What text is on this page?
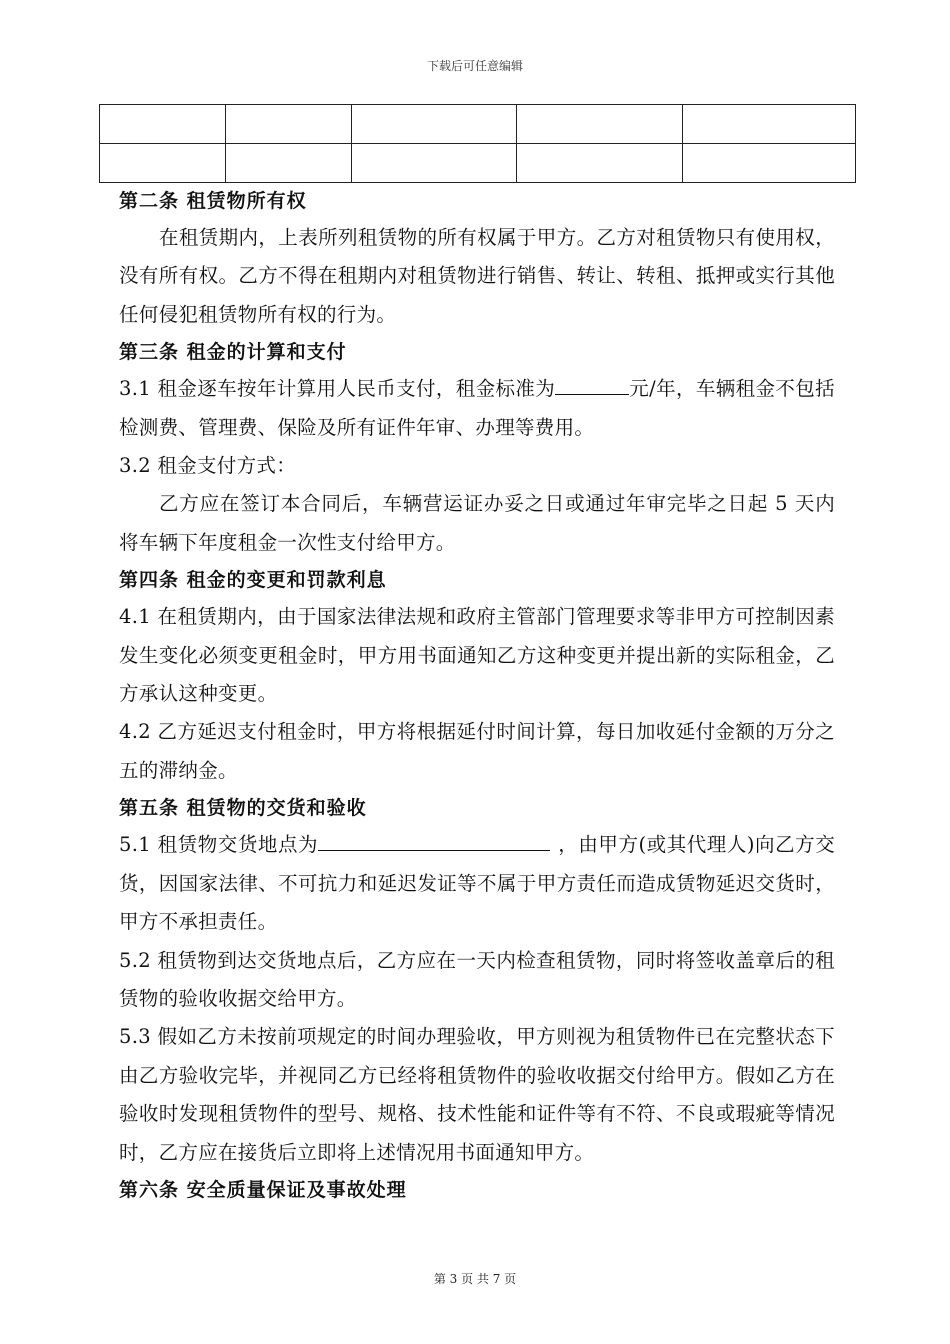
下载后可任意编辑

第二条 租赁物所有权
在租赁期内，上表所列租赁物的所有权属于甲方。乙方对租赁物只有使用权，没有所有权。乙方不得在租期内对租赁物进行销售、转让、转租、抵押或实行其他任何侵犯租赁物所有权的行为。
第三条 租金的计算和支付
3.1 租金逐车按年计算用人民币支付，租金标准为	元/年，车辆租金不包括检测费、管理费、保险及所有证件年审、办理等费用。
3.2 租金支付方式：
乙方应在签订本合同后，车辆营运证办妥之日或通过年审完毕之日起 5 天内将车辆下年度租金一次性支付给甲方。
第四条 租金的变更和罚款利息
4.1 在租赁期内，由于国家法律法规和政府主管部门管理要求等非甲方可控制因素发生变化必须变更租金时，甲方用书面通知乙方这种变更并提出新的实际租金，乙方承认这种变更。
4.2 乙方延迟支付租金时，甲方将根据延付时间计算，每日加收延付金额的万分之五的滞纳金。
第五条 租赁物的交货和验收
5.1 租赁物交货地点为	，由甲方(或其代理人)向乙方交货，因国家法律、不可抗力和延迟发证等不属于甲方责任而造成赁物延迟交货时，甲方不承担责任。
5.2 租赁物到达交货地点后，乙方应在一天内检查租赁物，同时将签收盖章后的租赁物的验收收据交给甲方。
5.3 假如乙方未按前项规定的时间办理验收，甲方则视为租赁物件已在完整状态下由乙方验收完毕，并视同乙方已经将租赁物件的验收收据交付给甲方。假如乙方在验收时发现租赁物件的型号、规格、技术性能和证件等有不符、不良或瑕疵等情况时，乙方应在接货后立即将上述情况用书面通知甲方。
第六条 安全质量保证及事故处理
第 3 页 共 7 页
